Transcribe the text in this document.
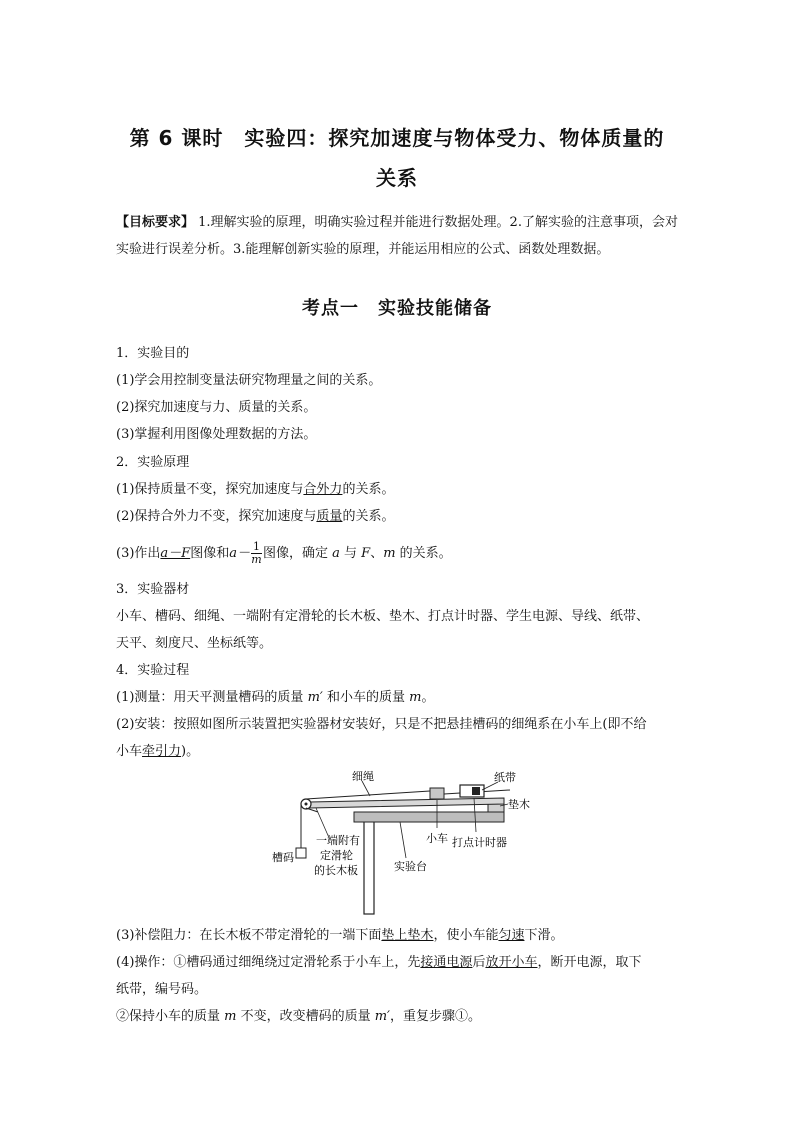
第 6 课时　实验四：探究加速度与物体受力、物体质量的
关系
【目标要求】 1.理解实验的原理，明确实验过程并能进行数据处理。2.了解实验的注意事项，会对实验进行误差分析。3.能理解创新实验的原理，并能运用相应的公式、函数处理数据。
考点一　实验技能储备
1．实验目的
(1)学会用控制变量法研究物理量之间的关系。
(2)探究加速度与力、质量的关系。
(3)掌握利用图像处理数据的方法。
2．实验原理
(1)保持质量不变，探究加速度与合外力的关系。
(2)保持合外力不变，探究加速度与质量的关系。
(3)作出a－F图像和$a- \frac{1}{m}$ 图像，确定 a 与 F、m 的关系。
3．实验器材
小车、槽码、细绳、一端附有定滑轮的长木板、垫木、打点计时器、学生电源、导线、纸带、
天平、刻度尺、坐标纸等。
4．实验过程
(1)测量：用天平测量槽码的质量 m′ 和小车的质量 m。
(2)安装：按照如图所示装置把实验器材安装好，只是不把悬挂槽码的细绳系在小车上(即不给
小车牵引力)。
细绳	纸带
垫木
小车 打点计时器
一端附有
定滑轮
的长木板
槽码
实验台
(3)补偿阻力：在长木板不带定滑轮的一端下面垫上垫木，使小车能匀速下滑。
(4)操作：①槽码通过细绳绕过定滑轮系于小车上，先接通电源后放开小车，断开电源，取下
纸带，编号码。
②保持小车的质量 m 不变，改变槽码的质量 m′，重复步骤①。
